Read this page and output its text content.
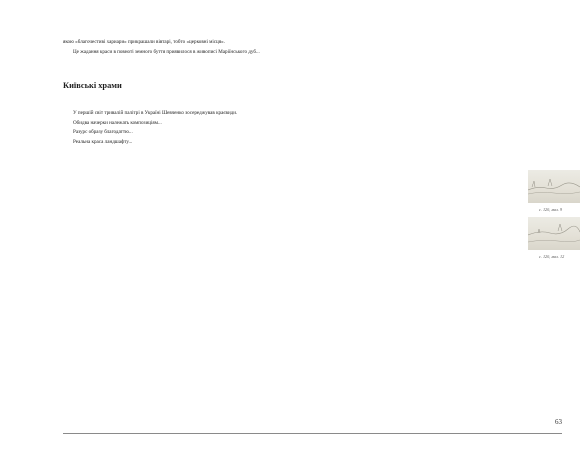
якою «благочестиві хариари» прикрашали вівтарі, тобто «церковні місця».

Це жадання краси в повноті земного буття приявилося в живописі Маріїнського дуб...

Київські храми

У першій світ тривалій палітрі в Україні Шевченко зосереджував краєвиди.

Обидва начерки належать композиціям...

Разурс образу благодаттю...

Реальна краса ландшафту...

с. 120, мал. 9
с. 120, мал. 12
63
